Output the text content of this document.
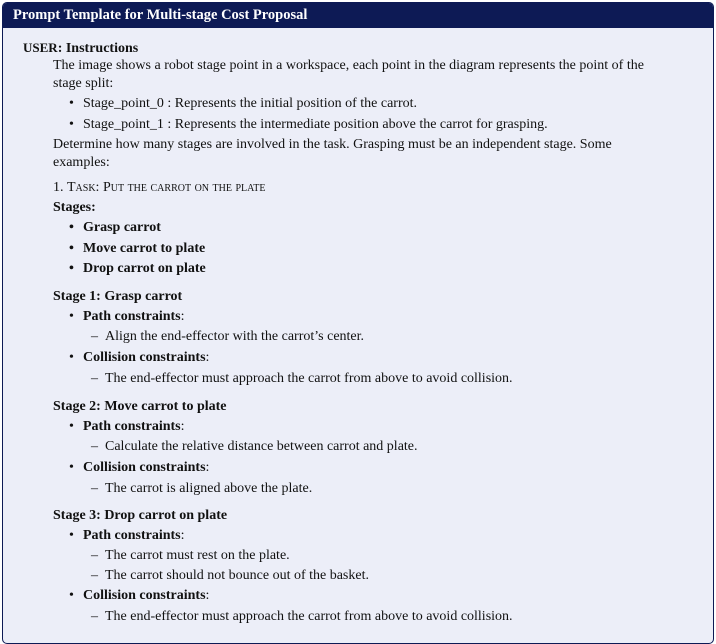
Prompt Template for Multi-stage Cost Proposal
USER: Instructions
The image shows a robot stage point in a workspace, each point in the diagram represents the point of the
stage split:
• Stage_point_0 : Represents the initial position of the carrot.
• Stage_point_1 : Represents the intermediate position above the carrot for grasping.
Determine how many stages are involved in the task. Grasping must be an independent stage. Some
examples:
1. Task: Put the carrot on the plate
Stages:
• Grasp carrot
• Move carrot to plate
• Drop carrot on plate
Stage 1: Grasp carrot
• Path constraints:
– Align the end-effector with the carrot’s center.
• Collision constraints:
– The end-effector must approach the carrot from above to avoid collision.
Stage 2: Move carrot to plate
• Path constraints:
– Calculate the relative distance between carrot and plate.
• Collision constraints:
– The carrot is aligned above the plate.
Stage 3: Drop carrot on plate
• Path constraints:
– The carrot must rest on the plate.
– The carrot should not bounce out of the basket.
• Collision constraints:
– The end-effector must approach the carrot from above to avoid collision.
